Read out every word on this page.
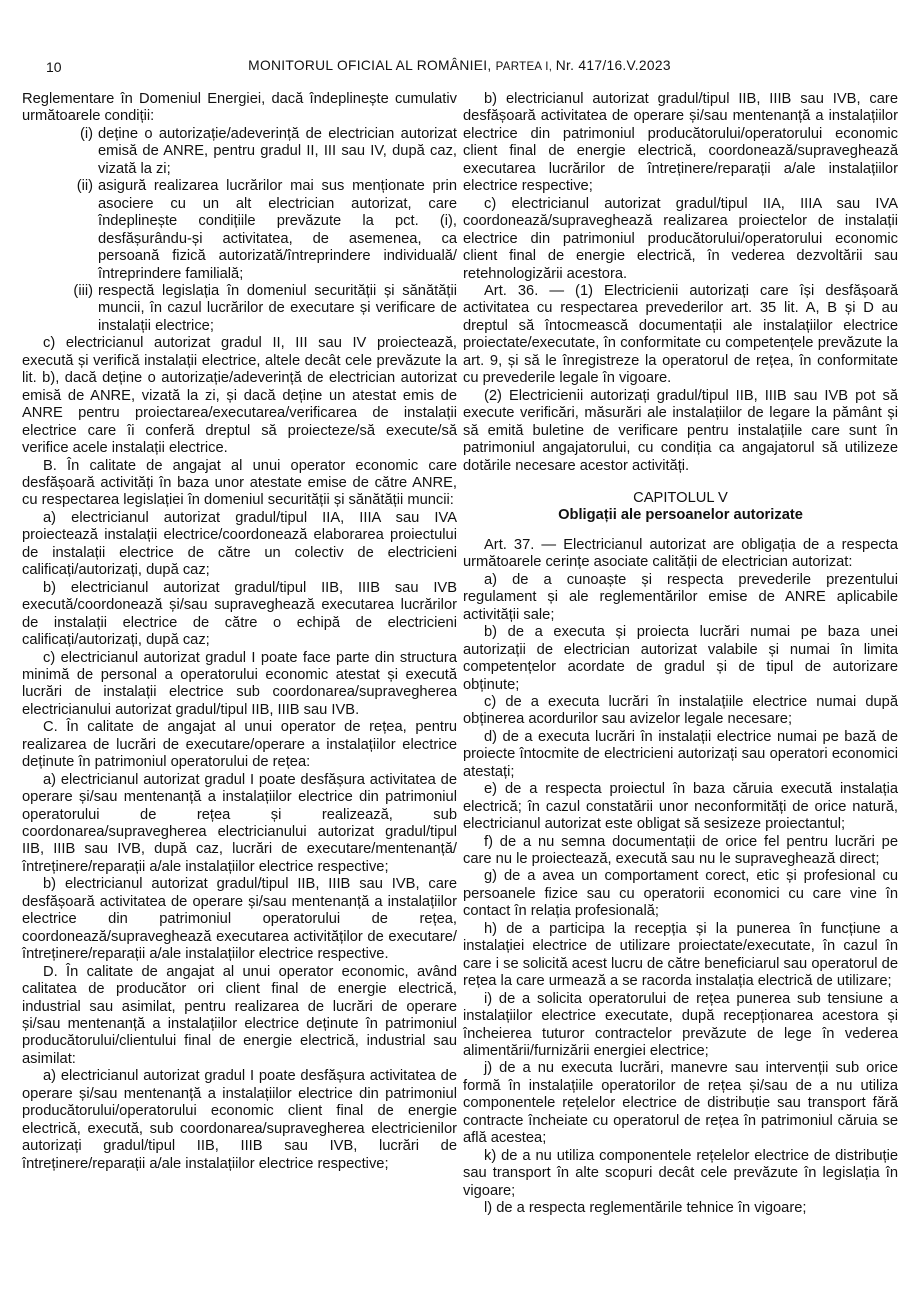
10	MONITORUL OFICIAL AL ROMÂNIEI, PARTEA I, Nr. 417/16.V.2023
Reglementare în Domeniul Energiei, dacă îndeplinește cumulativ următoarele condiții:
(i) deține o autorizație/adeverință de electrician autorizat emisă de ANRE, pentru gradul II, III sau IV, după caz, vizată la zi;
(ii) asigură realizarea lucrărilor mai sus menționate prin asociere cu un alt electrician autorizat, care îndeplinește condițiile prevăzute la pct. (i), desfășurându-și activitatea, de asemenea, ca persoană fizică autorizată/întreprindere individuală/întreprindere familială;
(iii) respectă legislația în domeniul securității și sănătății muncii, în cazul lucrărilor de executare și verificare de instalații electrice;
c) electricianul autorizat gradul II, III sau IV proiectează, execută și verifică instalații electrice, altele decât cele prevăzute la lit. b), dacă deține o autorizație/adeverință de electrician autorizat emisă de ANRE, vizată la zi, și dacă deține un atestat emis de ANRE pentru proiectarea/executarea/verificarea de instalații electrice care îi conferă dreptul să proiecteze/să execute/să verifice acele instalații electrice.
B. În calitate de angajat al unui operator economic care desfășoară activități în baza unor atestate emise de către ANRE, cu respectarea legislației în domeniul securității și sănătății muncii:
a) electricianul autorizat gradul/tipul IIA, IIIA sau IVA proiectează instalații electrice/coordonează elaborarea proiectului de instalații electrice de către un colectiv de electricieni calificați/autorizați, după caz;
b) electricianul autorizat gradul/tipul IIB, IIIB sau IVB execută/coordonează și/sau supraveghează executarea lucrărilor de instalații electrice de către o echipă de electricieni calificați/autorizați, după caz;
c) electricianul autorizat gradul I poate face parte din structura minimă de personal a operatorului economic atestat și execută lucrări de instalații electrice sub coordonarea/supravegherea electricianului autorizat gradul/tipul IIB, IIIB sau IVB.
C. În calitate de angajat al unui operator de rețea, pentru realizarea de lucrări de executare/operare a instalațiilor electrice deținute în patrimoniul operatorului de rețea:
a) electricianul autorizat gradul I poate desfășura activitatea de operare și/sau mentenanță a instalațiilor electrice din patrimoniul operatorului de rețea și realizează, sub coordonarea/supravegherea electricianului autorizat gradul/tipul IIB, IIIB sau IVB, după caz, lucrări de executare/mentenanță/întreținere/reparații a/ale instalațiilor electrice respective;
b) electricianul autorizat gradul/tipul IIB, IIIB sau IVB, care desfășoară activitatea de operare și/sau mentenanță a instalațiilor electrice din patrimoniul operatorului de rețea, coordonează/supraveghează executarea activităților de executare/întreținere/reparații a/ale instalațiilor electrice respective.
D. În calitate de angajat al unui operator economic, având calitatea de producător ori client final de energie electrică, industrial sau asimilat, pentru realizarea de lucrări de operare și/sau mentenanță a instalațiilor electrice deținute în patrimoniul producătorului/clientului final de energie electrică, industrial sau asimilat:
a) electricianul autorizat gradul I poate desfășura activitatea de operare și/sau mentenanță a instalațiilor electrice din patrimoniul producătorului/operatorului economic client final de energie electrică, execută, sub coordonarea/supravegherea electricienilor autorizați gradul/tipul IIB, IIIB sau IVB, lucrări de întreținere/reparații a/ale instalațiilor electrice respective;
b) electricianul autorizat gradul/tipul IIB, IIIB sau IVB, care desfășoară activitatea de operare și/sau mentenanță a instalațiilor electrice din patrimoniul producătorului/operatorului economic client final de energie electrică, coordonează/supraveghează executarea lucrărilor de întreținere/reparații a/ale instalațiilor electrice respective;
c) electricianul autorizat gradul/tipul IIA, IIIA sau IVA coordonează/supraveghează realizarea proiectelor de instalații electrice din patrimoniul producătorului/operatorului economic client final de energie electrică, în vederea dezvoltării sau retehnologizării acestora.
Art. 36. — (1) Electricienii autorizați care își desfășoară activitatea cu respectarea prevederilor art. 35 lit. A, B și D au dreptul să întocmească documentații ale instalațiilor electrice proiectate/executate, în conformitate cu competențele prevăzute la art. 9, și să le înregistreze la operatorul de rețea, în conformitate cu prevederile legale în vigoare.
(2) Electricienii autorizați gradul/tipul IIB, IIIB sau IVB pot să execute verificări, măsurări ale instalațiilor de legare la pământ și să emită buletine de verificare pentru instalațiile care sunt în patrimoniul angajatorului, cu condiția ca angajatorul să utilizeze dotările necesare acestor activități.
CAPITOLUL V
Obligații ale persoanelor autorizate
Art. 37. — Electricianul autorizat are obligația de a respecta următoarele cerințe asociate calității de electrician autorizat:
a) de a cunoaște și respecta prevederile prezentului regulament și ale reglementărilor emise de ANRE aplicabile activității sale;
b) de a executa și proiecta lucrări numai pe baza unei autorizații de electrician autorizat valabile și numai în limita competențelor acordate de gradul și de tipul de autorizare obținute;
c) de a executa lucrări în instalațiile electrice numai după obținerea acordurilor sau avizelor legale necesare;
d) de a executa lucrări în instalații electrice numai pe bază de proiecte întocmite de electricieni autorizați sau operatori economici atestați;
e) de a respecta proiectul în baza căruia execută instalația electrică; în cazul constatării unor neconformități de orice natură, electricianul autorizat este obligat să sesizeze proiectantul;
f) de a nu semna documentații de orice fel pentru lucrări pe care nu le proiectează, execută sau nu le supraveghează direct;
g) de a avea un comportament corect, etic și profesional cu persoanele fizice sau cu operatorii economici cu care vine în contact în relația profesională;
h) de a participa la recepția și la punerea în funcțiune a instalației electrice de utilizare proiectate/executate, în cazul în care i se solicită acest lucru de către beneficiarul sau operatorul de rețea la care urmează a se racorda instalația electrică de utilizare;
i) de a solicita operatorului de rețea punerea sub tensiune a instalațiilor electrice executate, după recepționarea acestora și încheierea tuturor contractelor prevăzute de lege în vederea alimentării/furnizării energiei electrice;
j) de a nu executa lucrări, manevre sau intervenții sub orice formă în instalațiile operatorilor de rețea și/sau de a nu utiliza componentele rețelelor electrice de distribuție sau transport fără contracte încheiate cu operatorul de rețea în patrimoniul căruia se află acestea;
k) de a nu utiliza componentele rețelelor electrice de distribuție sau transport în alte scopuri decât cele prevăzute în legislația în vigoare;
l) de a respecta reglementările tehnice în vigoare;
